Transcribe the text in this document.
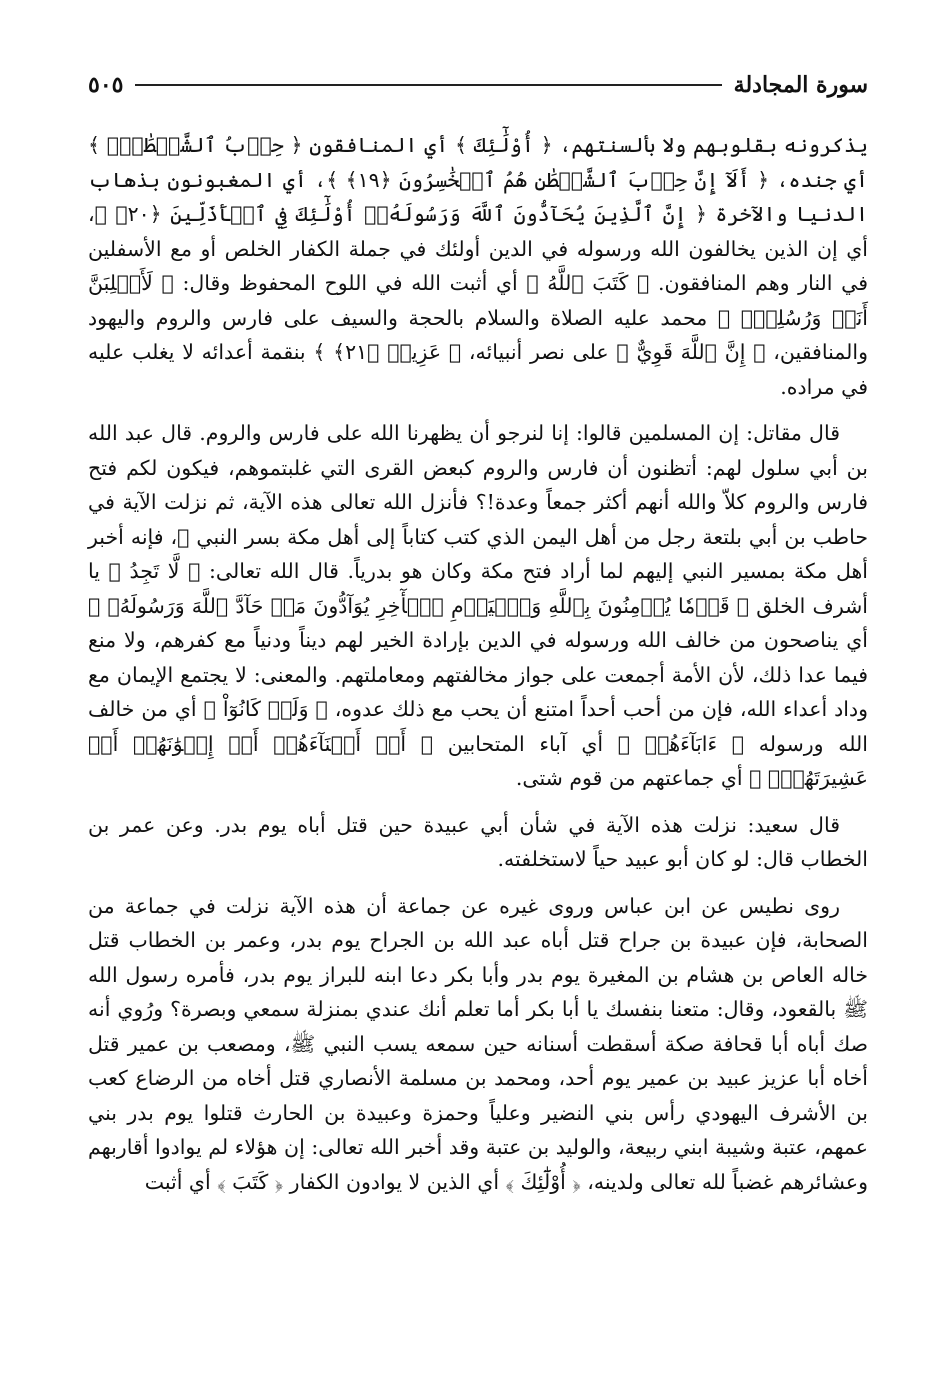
سورة المجادلة
٥٠٥

يذكرونه بقلوبهم ولا بألسنتهم، ﴿ أُوْلَٰٓئِكَ ﴾ أي المنافقون ﴿ حِزۡبُ ٱلشَّيۡطَٰنِۚ ﴾ أي جنده، ﴿ أَلَآ إِنَّ حِزۡبَ ٱلشَّيۡطَٰنِ هُمُ ٱلۡخَٰسِرُونَ ﴿١٩﴾ ﴾، أي المغبونون بذهاب الدنيا والآخرة ﴿ إِنَّ ٱلَّذِينَ يُحَآدُّونَ ٱللَّهَ وَرَسُولَهُۥٓ أُوْلَٰٓئِكَ فِي ٱلۡأَذَلِّينَ ﴿٢٠﴾ ﴾، أي إن الذين يخالفون الله ورسوله في الدين أولئك في جملة الكفار الخلص أو مع الأسفلين في النار وهم المنافقون. ﴿ كَتَبَ ٱللَّهُ ﴾ أي أثبت الله في اللوح المحفوظ وقال: ﴿ لَأَغۡلِبَنَّ أَنَا۠ وَرُسُلِيٓۚ ﴾ محمد عليه الصلاة والسلام بالحجة والسيف على فارس والروم واليهود والمنافقين، ﴿ إِنَّ ٱللَّهَ قَوِيٌّ ﴾ على نصر أنبيائه، ﴿ عَزِيزٞ ﴿٢١﴾ ﴾ بنقمة أعدائه لا يغلب عليه في مراده.

قال مقاتل: إن المسلمين قالوا: إنا لنرجو أن يظهرنا الله على فارس والروم. قال عبد الله بن أبي سلول لهم: أتظنون أن فارس والروم كبعض القرى التي غلبتموهم، فيكون لكم فتح فارس والروم كلاّ والله أنهم أكثر جمعاً وعدة!؟ فأنزل الله تعالى هذه الآية، ثم نزلت الآية في حاطب بن أبي بلتعة رجل من أهل اليمن الذي كتب كتاباً إلى أهل مكة بسر النبي ﷺ، فإنه أخبر أهل مكة بمسير النبي إليهم لما أراد فتح مكة وكان هو بدرياً. قال الله تعالى: ﴿ لَّا تَجِدُ ﴾ يا أشرف الخلق ﴿ قَوۡمٗا يُؤۡمِنُونَ بِٱللَّهِ وَٱلۡيَوۡمِ ٱلۡأٓخِرِ يُوَآدُّونَ مَنۡ حَآدَّ ٱللَّهَ وَرَسُولَهُۥ ﴾ أي يناصحون من خالف الله ورسوله في الدين بإرادة الخير لهم ديناً ودنياً مع كفرهم، ولا منع فيما عدا ذلك، لأن الأمة أجمعت على جواز مخالفتهم ومعاملتهم. والمعنى: لا يجتمع الإيمان مع وداد أعداء الله، فإن من أحب أحداً امتنع أن يحب مع ذلك عدوه، ﴿ وَلَوۡ كَانُوٓاْ ﴾ أي من خالف الله ورسوله ﴿ ءَابَآءَهُمۡ ﴾ أي آباء المتحابين ﴿ أَوۡ أَبۡنَآءَهُمۡ أَوۡ إِخۡوَٰنَهُمۡ أَوۡ عَشِيرَتَهُمۡۚ ﴾ أي جماعتهم من قوم شتى.

قال سعيد: نزلت هذه الآية في شأن أبي عبيدة حين قتل أباه يوم بدر. وعن عمر بن الخطاب قال: لو كان أبو عبيد حياً لاستخلفته.

روى نطيس عن ابن عباس وروى غيره عن جماعة أن هذه الآية نزلت في جماعة من الصحابة، فإن عبيدة بن جراح قتل أباه عبد الله بن الجراح يوم بدر، وعمر بن الخطاب قتل خاله العاص بن هشام بن المغيرة يوم بدر وأبا بكر دعا ابنه للبراز يوم بدر، فأمره رسول الله ﷺ بالقعود، وقال: متعنا بنفسك يا أبا بكر أما تعلم أنك عندي بمنزلة سمعي وبصرة؟ ورُوي أنه صك أباه أبا قحافة صكة أسقطت أسنانه حين سمعه يسب النبي ﷺ، ومصعب بن عمير قتل أخاه أبا عزيز عبيد بن عمير يوم أحد، ومحمد بن مسلمة الأنصاري قتل أخاه من الرضاع كعب بن الأشرف اليهودي رأس بني النضير وعلياً وحمزة وعبيدة بن الحارث قتلوا يوم بدر بني عمهم، عتبة وشيبة ابني ربيعة، والوليد بن عتبة وقد أخبر الله تعالى: إن هؤلاء لم يوادوا أقاربهم وعشائرهم غضباً لله تعالى ولدينه، ﴿ أُوْلَٰٓئِكَ ﴾ أي الذين لا يوادون الكفار ﴿ كَتَبَ ﴾ أي أثبت
